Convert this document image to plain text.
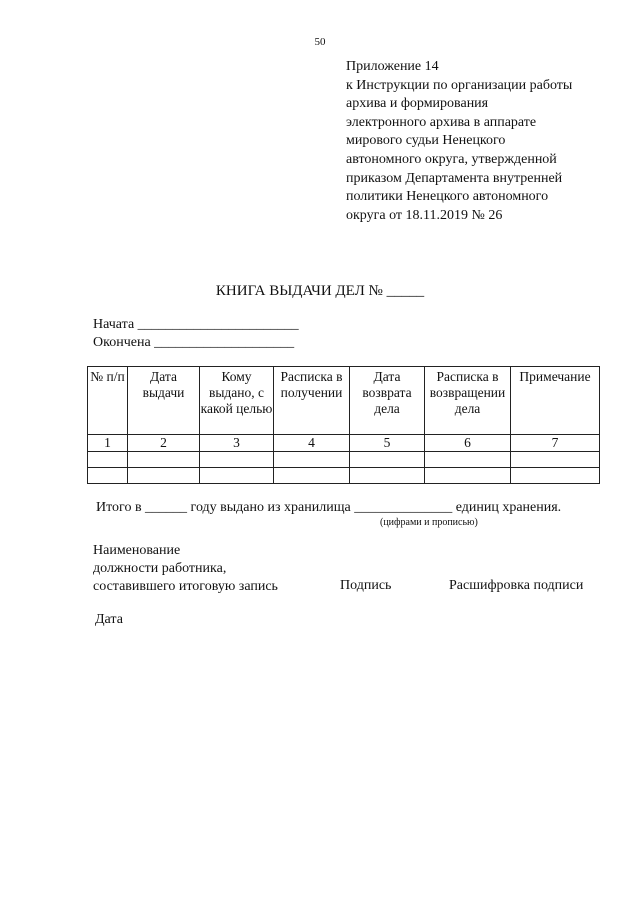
50
Приложение 14
к Инструкции по организации работы
архива и формирования
электронного архива в аппарате
мирового судьи Ненецкого
автономного округа, утвержденной
приказом Департамента внутренней
политики Ненецкого автономного
округа от 18.11.2019 № 26
КНИГА ВЫДАЧИ ДЕЛ № _____
Начата _______________________
Окончена ____________________
№ п/п	Дата выдачи	Кому выдано, с какой целью	Расписка в получении	Дата возврата дела	Расписка в возвращении дела	Примечание
1	2	3	4	5	6	7

Итого в ______ году выдано из хранилища ______________ единиц хранения.
(цифрами и прописью)
Наименование
должности работника,
составившего итоговую запись	Подпись	Расшифровка подписи
Дата
